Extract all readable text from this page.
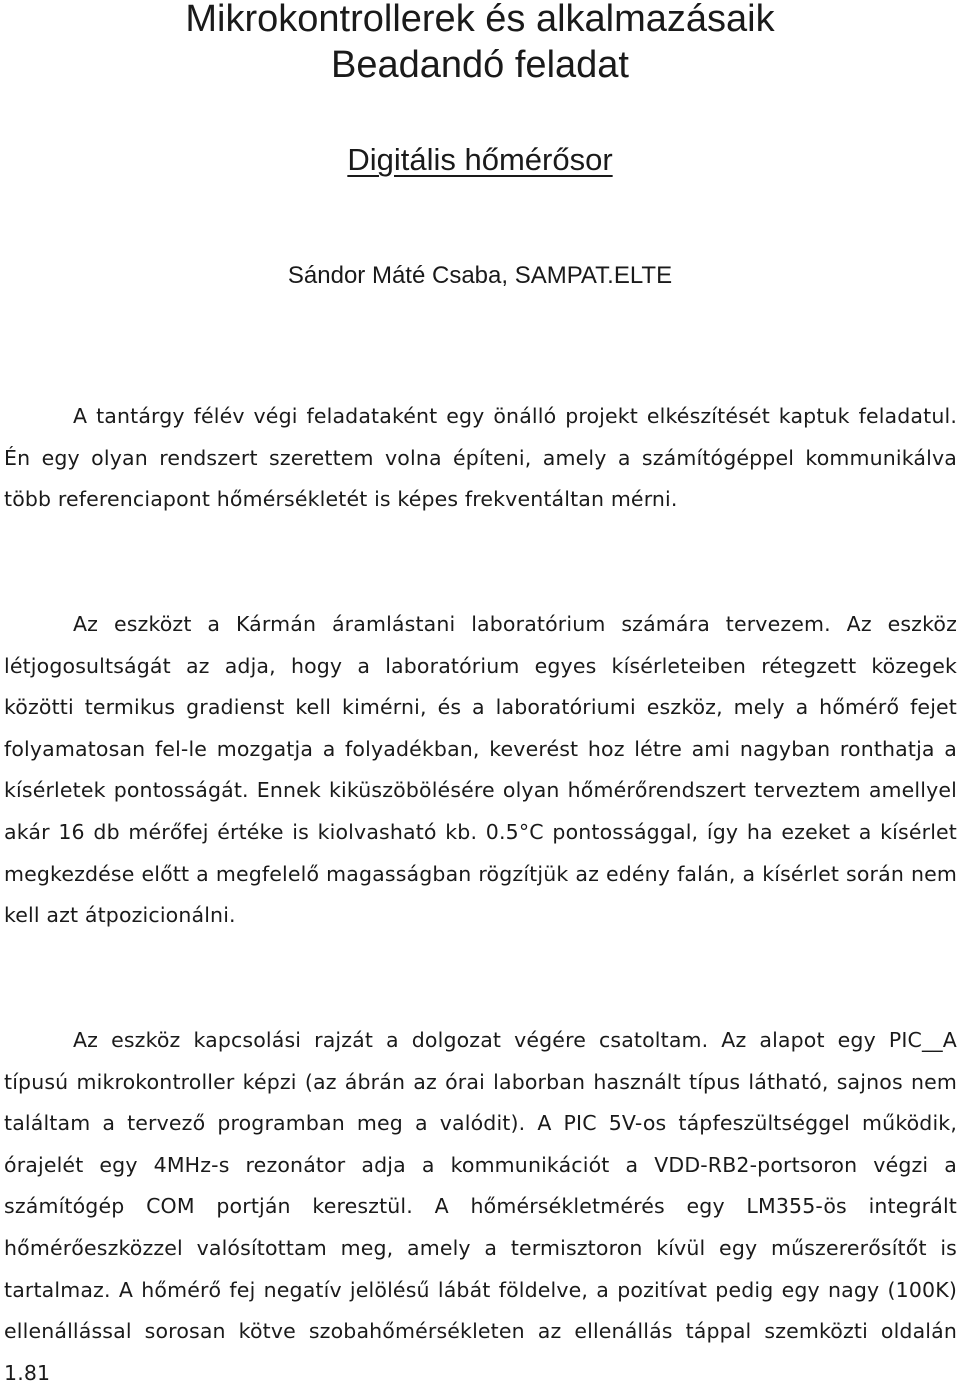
Mikrokontrollerek és alkalmazásaik
Beadandó feladat
Digitális hőmérősor
Sándor Máté Csaba, SAMPAT.ELTE

A tantárgy félév végi feladataként egy önálló projekt elkészítését kaptuk feladatul. Én egy olyan rendszert szerettem volna építeni, amely a számítógéppel kommunikálva több referenciapont hőmérsékletét is képes frekventáltan mérni.

Az eszközt a Kármán áramlástani laboratórium számára tervezem. Az eszköz létjogosultságát az adja, hogy a laboratórium egyes kísérleteiben rétegzett közegek közötti termikus gradienst kell kimérni, és a laboratóriumi eszköz, mely a hőmérő fejet folyamatosan fel-le mozgatja a folyadékban, keverést hoz létre ami nagyban ronthatja a kísérletek pontosságát. Ennek kiküszöbölésére olyan hőmérőrendszert terveztem amellyel akár 16 db mérőfej értéke is kiolvasható kb. 0.5°C pontossággal, így ha ezeket a kísérlet megkezdése előtt a megfelelő magasságban rögzítjük az edény falán, a kísérlet során nem kell azt átpozicionálni.

Az eszköz kapcsolási rajzát a dolgozat végére csatoltam. Az alapot egy PIC__A típusú mikrokontroller képzi (az ábrán az órai laborban használt típus látható, sajnos nem találtam a tervező programban meg a valódit). A PIC 5V-os tápfeszültséggel működik, órajelét egy 4MHz-s rezonátor adja a kommunikációt a VDD-RB2-portsoron végzi a számítógép COM portján keresztül. A hőmérsékletmérés egy LM355-ös integrált hőmérőeszközzel valósítottam meg, amely a termisztoron kívül egy műszererősítőt is tartalmaz. A hőmérő fej negatív jelölésű lábát földelve, a pozitívat pedig egy nagy (100K) ellenállással sorosan kötve szobahőmérsékleten az ellenállás táppal szemközti oldalán 1.81
